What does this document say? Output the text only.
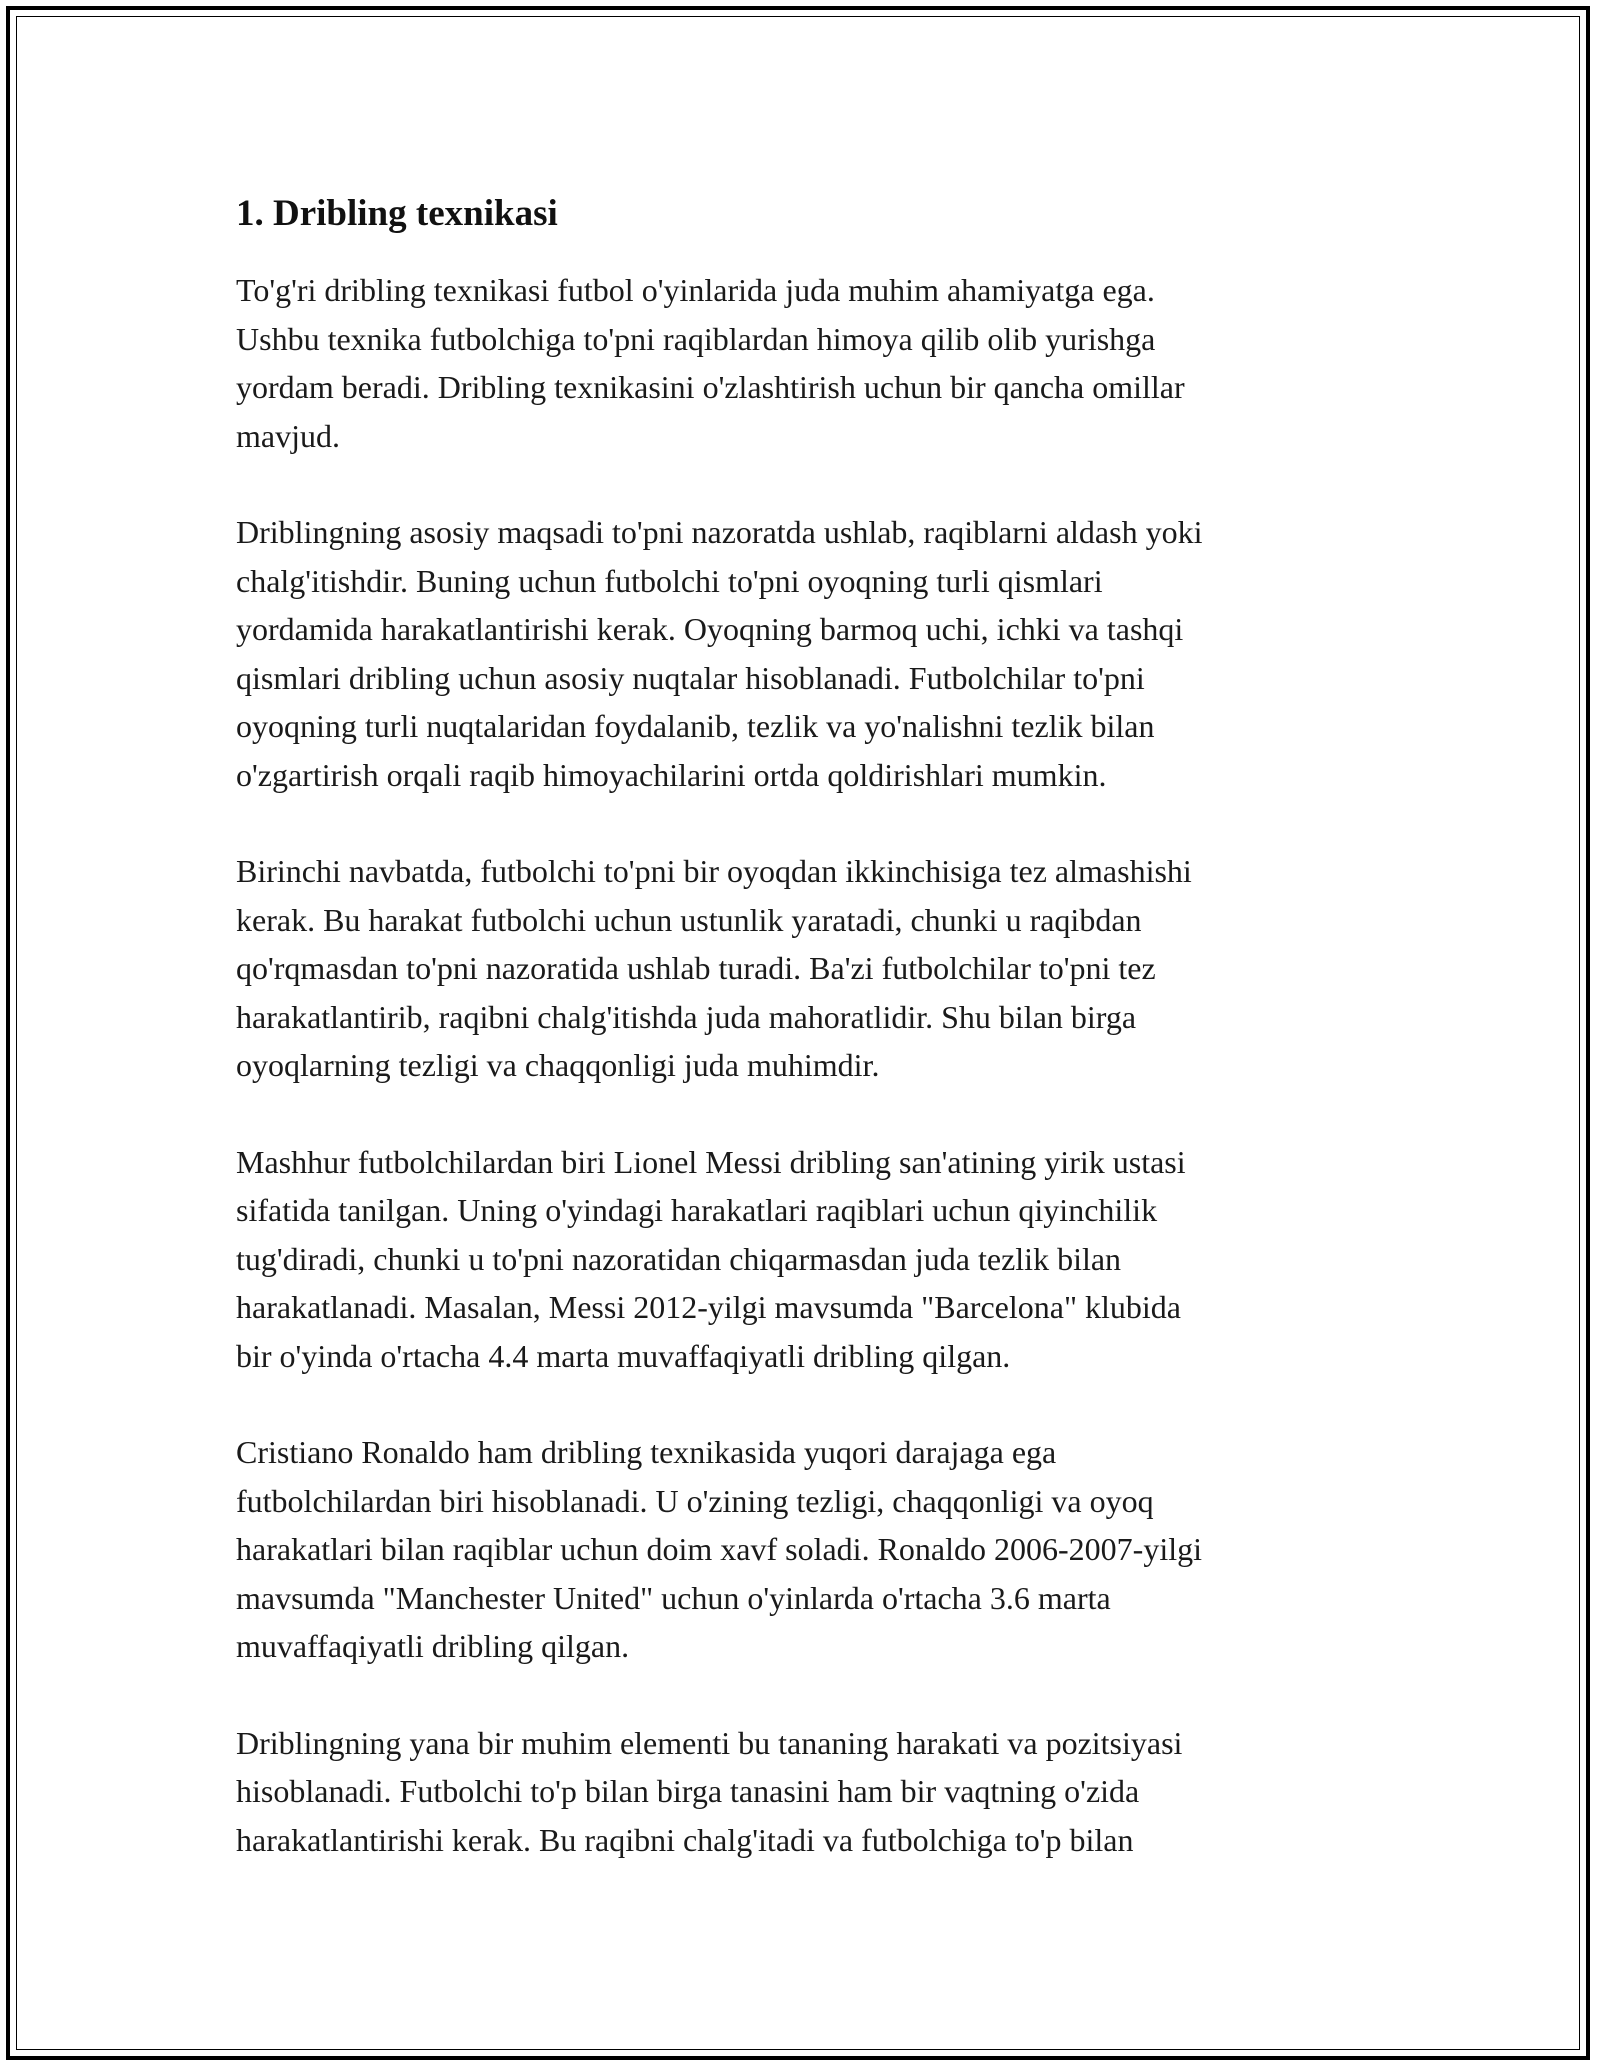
1. Dribling texnikasi

To'g'ri dribling texnikasi futbol o'yinlarida juda muhim ahamiyatga ega.
Ushbu texnika futbolchiga to'pni raqiblardan himoya qilib olib yurishga
yordam beradi. Dribling texnikasini o'zlashtirish uchun bir qancha omillar
mavjud.

Driblingning asosiy maqsadi to'pni nazoratda ushlab, raqiblarni aldash yoki
chalg'itishdir. Buning uchun futbolchi to'pni oyoqning turli qismlari
yordamida harakatlantirishi kerak. Oyoqning barmoq uchi, ichki va tashqi
qismlari dribling uchun asosiy nuqtalar hisoblanadi. Futbolchilar to'pni
oyoqning turli nuqtalaridan foydalanib, tezlik va yo'nalishni tezlik bilan
o'zgartirish orqali raqib himoyachilarini ortda qoldirishlari mumkin.

Birinchi navbatda, futbolchi to'pni bir oyoqdan ikkinchisiga tez almashishi
kerak. Bu harakat futbolchi uchun ustunlik yaratadi, chunki u raqibdan
qo'rqmasdan to'pni nazoratida ushlab turadi. Ba'zi futbolchilar to'pni tez
harakatlantirib, raqibni chalg'itishda juda mahoratlidir. Shu bilan birga
oyoqlarning tezligi va chaqqonligi juda muhimdir.

Mashhur futbolchilardan biri Lionel Messi dribling san'atining yirik ustasi
sifatida tanilgan. Uning o'yindagi harakatlari raqiblari uchun qiyinchilik
tug'diradi, chunki u to'pni nazoratidan chiqarmasdan juda tezlik bilan
harakatlanadi. Masalan, Messi 2012-yilgi mavsumda "Barcelona" klubida
bir o'yinda o'rtacha 4.4 marta muvaffaqiyatli dribling qilgan.

Cristiano Ronaldo ham dribling texnikasida yuqori darajaga ega
futbolchilardan biri hisoblanadi. U o'zining tezligi, chaqqonligi va oyoq
harakatlari bilan raqiblar uchun doim xavf soladi. Ronaldo 2006-2007-yilgi
mavsumda "Manchester United" uchun o'yinlarda o'rtacha 3.6 marta
muvaffaqiyatli dribling qilgan.

Driblingning yana bir muhim elementi bu tananing harakati va pozitsiyasi
hisoblanadi. Futbolchi to'p bilan birga tanasini ham bir vaqtning o'zida
harakatlantirishi kerak. Bu raqibni chalg'itadi va futbolchiga to'p bilan
